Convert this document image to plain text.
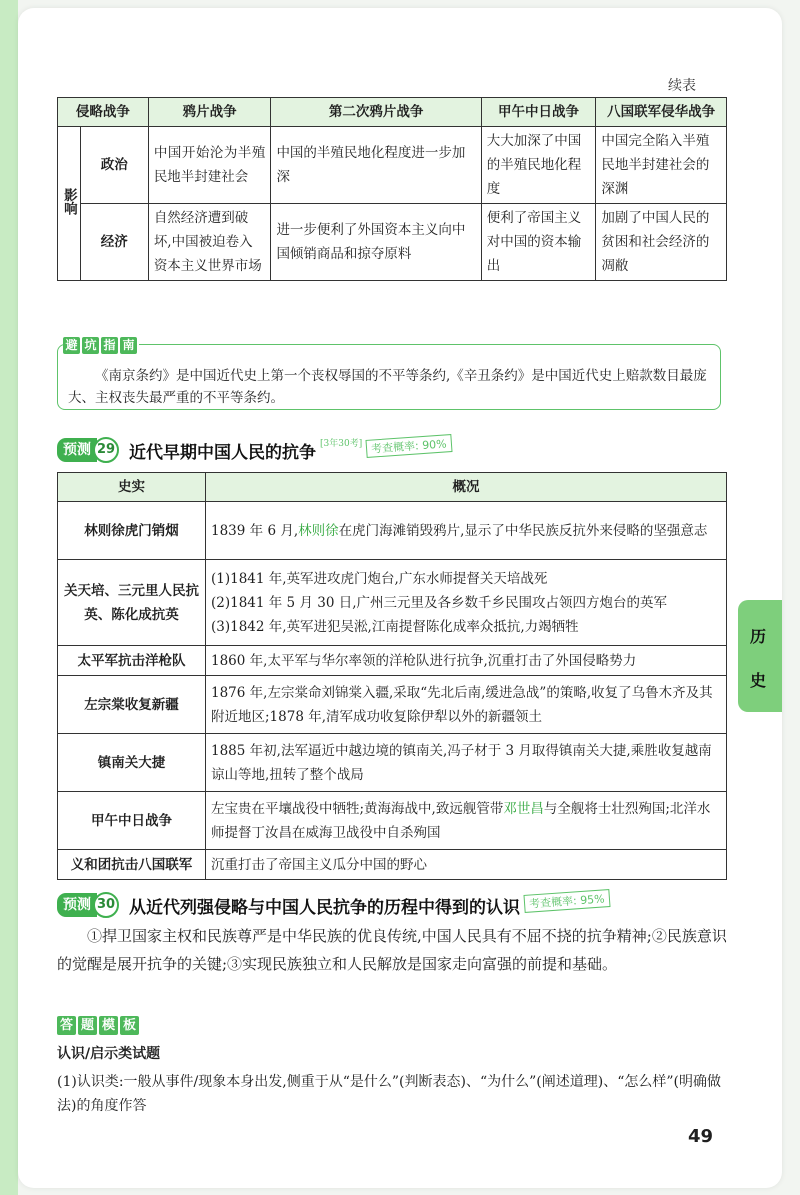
续表
侵略战争		鸦片战争	第二次鸦片战争	甲午中日战争	八国联军侵华战争
影响	政治	中国开始沦为半殖民地半封建社会	中国的半殖民地化程度进一步加深	大大加深了中国的半殖民地化程度	中国完全陷入半殖民地半封建社会的深渊
	经济	自然经济遭到破坏,中国被迫卷入资本主义世界市场	进一步便利了外国资本主义向中国倾销商品和掠夺原料	便利了帝国主义对中国的资本输出	加剧了中国人民的贫困和社会经济的凋敝
避 坑 指 南
《南京条约》是中国近代史上第一个丧权辱国的不平等条约,《辛丑条约》是中国近代史上赔款数目最庞大、主权丧失最严重的不平等条约。
预测 29 近代早期中国人民的抗争 [3年30考] 考查概率: 90%
史实	概况
林则徐虎门销烟	1839 年 6 月,林则徐在虎门海滩销毁鸦片,显示了中华民族反抗外来侵略的坚强意志
关天培、三元里人民抗英、陈化成抗英	(1)1841 年,英军进攻虎门炮台,广东水师提督关天培战死
(2)1841 年 5 月 30 日,广州三元里及各乡数千乡民围攻占领四方炮台的英军
(3)1842 年,英军进犯吴淞,江南提督陈化成率众抵抗,力竭牺牲

太平军抗击洋枪队	1860 年,太平军与华尔率领的洋枪队进行抗争,沉重打击了外国侵略势力
左宗棠收复新疆	1876 年,左宗棠命刘锦棠入疆,采取“先北后南,缓进急战”的策略,收复了乌鲁木齐及其附近地区;1878 年,清军成功收复除伊犁以外的新疆领土
镇南关大捷	1885 年初,法军逼近中越边境的镇南关,冯子材于 3 月取得镇南关大捷,乘胜收复越南谅山等地,扭转了整个战局
甲午中日战争	左宝贵在平壤战役中牺牲;黄海海战中,致远舰管带邓世昌与全舰将士壮烈殉国;北洋水师提督丁汝昌在威海卫战役中自杀殉国
义和团抗击八国联军	沉重打击了帝国主义瓜分中国的野心
历
史
预测 30 从近代列强侵略与中国人民抗争的历程中得到的认识 考查概率: 95%
①捍卫国家主权和民族尊严是中华民族的优良传统,中国人民具有不屈不挠的抗争精神;②民族意识的觉醒是展开抗争的关键;③实现民族独立和人民解放是国家走向富强的前提和基础。
答 题 模 板
认识/启示类试题
(1)认识类:一般从事件/现象本身出发,侧重于从“是什么”(判断表态)、“为什么”(阐述道理)、“怎么样”(明确做法)的角度作答
49
